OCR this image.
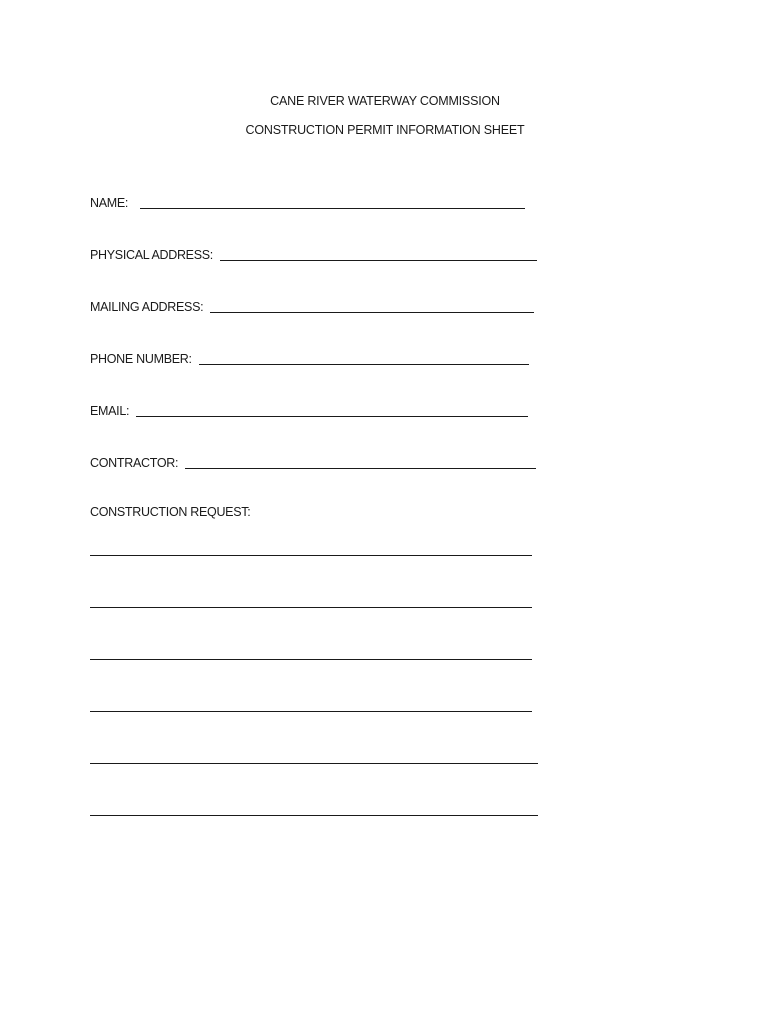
CANE RIVER WATERWAY COMMISSION
CONSTRUCTION PERMIT INFORMATION SHEET
NAME:
PHYSICAL ADDRESS:
MAILING ADDRESS:
PHONE NUMBER:
EMAIL:
CONTRACTOR:
CONSTRUCTION REQUEST:
